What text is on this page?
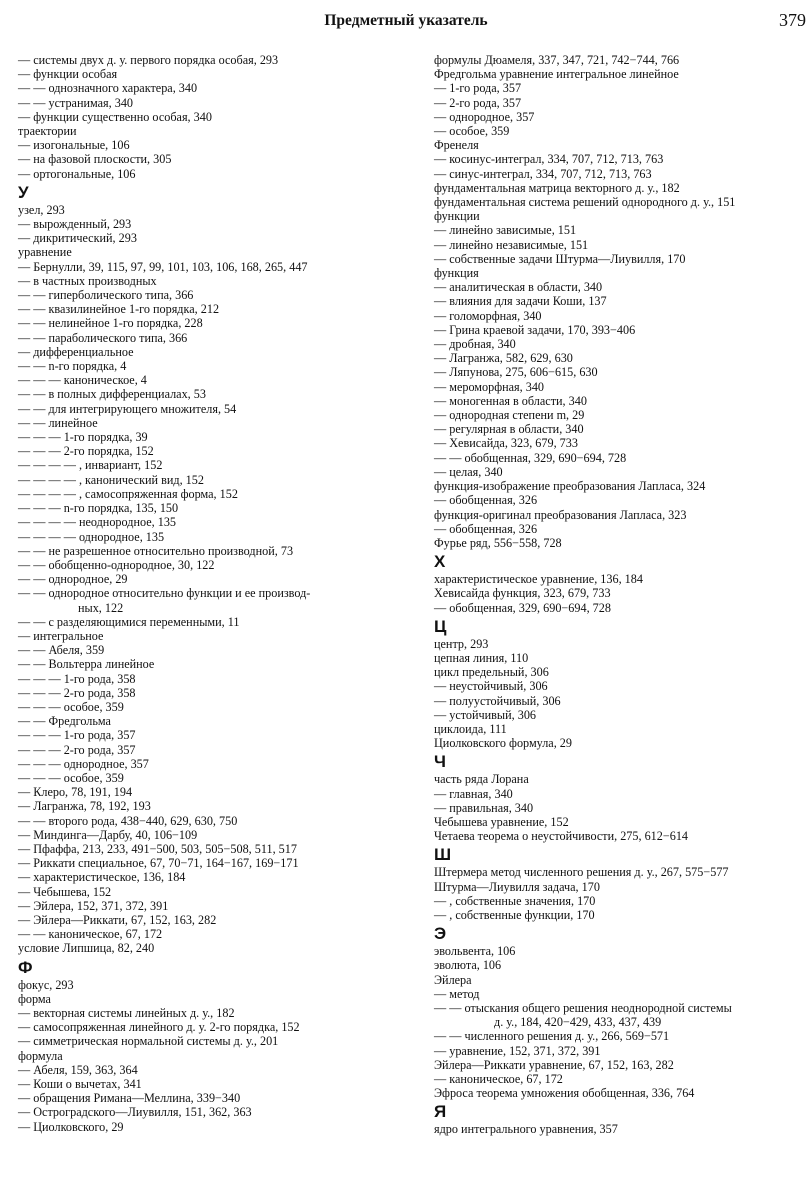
Предметный указатель	379
— системы двух д. у. первого порядка особая, 293
— функции особая
— — однозначного характера, 340
— — устранимая, 340
— функции существенно особая, 340
траектории
— изогональные, 106
— на фазовой плоскости, 305
— ортогональные, 106
У
узел, 293
— вырожденный, 293
— дикритический, 293
уравнение
— Бернулли, 39, 115, 97, 99, 101, 103, 106, 168, 265, 447
— в частных производных
— — гиперболического типа, 366
— — квазилинейное 1-го порядка, 212
— — нелинейное 1-го порядка, 228
— — параболического типа, 366
— дифференциальное
— — n-го порядка, 4
— — — каноническое, 4
— — в полных дифференциалах, 53
— — для интегрирующего множителя, 54
— — линейное
— — — 1-го порядка, 39
— — — 2-го порядка, 152
— — — — , инвариант, 152
— — — — , канонический вид, 152
— — — — , самосопряженная форма, 152
— — — n-го порядка, 135, 150
— — — — неоднородное, 135
— — — — однородное, 135
— — не разрешенное относительно производной, 73
— — обобщенно-однородное, 30, 122
— — однородное, 29
— — однородное относительно функции и ее производ-
ных, 122
— — с разделяющимися переменными, 11
— интегральное
— — Абеля, 359
— — Вольтерра линейное
— — — 1-го рода, 358
— — — 2-го рода, 358
— — — особое, 359
— — Фредгольма
— — — 1-го рода, 357
— — — 2-го рода, 357
— — — однородное, 357
— — — особое, 359
— Клеро, 78, 191, 194
— Лагранжа, 78, 192, 193
— — второго рода, 438−440, 629, 630, 750
— Миндинга—Дарбу, 40, 106−109
— Пфаффа, 213, 233, 491−500, 503, 505−508, 511, 517
— Риккати специальное, 67, 70−71, 164−167, 169−171
— характеристическое, 136, 184
— Чебышева, 152
— Эйлера, 152, 371, 372, 391
— Эйлера—Риккати, 67, 152, 163, 282
— — каноническое, 67, 172
условие Липшица, 82, 240
Ф
фокус, 293
форма
— векторная системы линейных д. у., 182
— самосопряженная линейного д. у. 2-го порядка, 152
— симметрическая нормальной системы д. у., 201
формула
— Абеля, 159, 363, 364
— Коши о вычетах, 341
— обращения Римана—Меллина, 339−340
— Остроградского—Лиувилля, 151, 362, 363
— Циолковского, 29
формулы Дюамеля, 337, 347, 721, 742−744, 766
Фредгольма уравнение интегральное линейное
— 1-го рода, 357
— 2-го рода, 357
— однородное, 357
— особое, 359
Френеля
— косинус-интеграл, 334, 707, 712, 713, 763
— синус-интеграл, 334, 707, 712, 713, 763
фундаментальная матрица векторного д. у., 182
фундаментальная система решений однородного д. у., 151
функции
— линейно зависимые, 151
— линейно независимые, 151
— собственные задачи Штурма—Лиувилля, 170
функция
— аналитическая в области, 340
— влияния для задачи Коши, 137
— голоморфная, 340
— Грина краевой задачи, 170, 393−406
— дробная, 340
— Лагранжа, 582, 629, 630
— Ляпунова, 275, 606−615, 630
— мероморфная, 340
— моногенная в области, 340
— однородная степени m, 29
— регулярная в области, 340
— Хевисайда, 323, 679, 733
— — обобщенная, 329, 690−694, 728
— целая, 340
функция-изображение преобразования Лапласа, 324
— обобщенная, 326
функция-оригинал преобразования Лапласа, 323
— обобщенная, 326
Фурье ряд, 556−558, 728
Х
характеристическое уравнение, 136, 184
Хевисайда функция, 323, 679, 733
— обобщенная, 329, 690−694, 728
Ц
центр, 293
цепная линия, 110
цикл предельный, 306
— неустойчивый, 306
— полуустойчивый, 306
— устойчивый, 306
циклоида, 111
Циолковского формула, 29
Ч
часть ряда Лорана
— главная, 340
— правильная, 340
Чебышева уравнение, 152
Четаева теорема о неустойчивости, 275, 612−614
Ш
Штермера метод численного решения д. у., 267, 575−577
Штурма—Лиувилля задача, 170
— , собственные значения, 170
— , собственные функции, 170
Э
эвольвента, 106
эволюта, 106
Эйлера
— метод
— — отыскания общего решения неоднородной системы
д. у., 184, 420−429, 433, 437, 439
— — численного решения д. у., 266, 569−571
— уравнение, 152, 371, 372, 391
Эйлера—Риккати уравнение, 67, 152, 163, 282
— каноническое, 67, 172
Эфроса теорема умножения обобщенная, 336, 764
Я
ядро интегрального уравнения, 357
